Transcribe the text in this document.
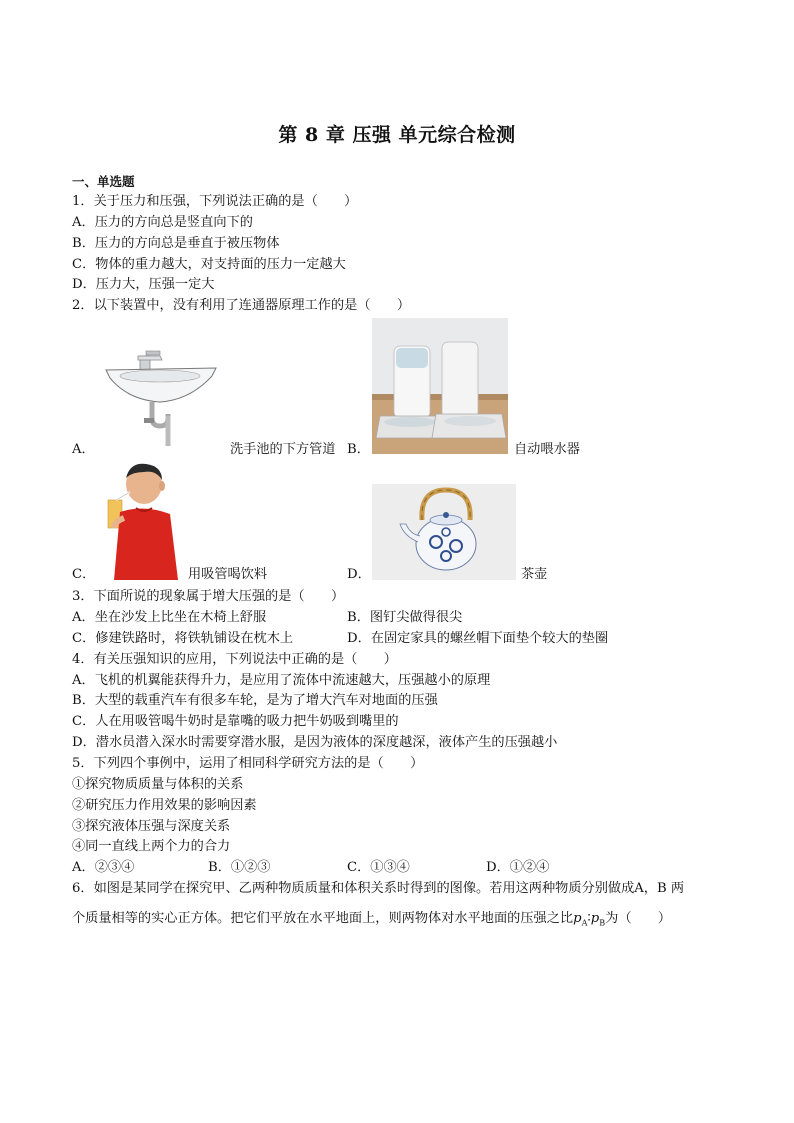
第 8 章 压强 单元综合检测
一、单选题
1．关于压力和压强，下列说法正确的是（　　）
A．压力的方向总是竖直向下的
B．压力的方向总是垂直于被压物体
C．物体的重力越大，对支持面的压力一定越大
D．压力大，压强一定大
2．以下装置中，没有利用了连通器原理工作的是（　　）
A．	洗手池的下方管道 B．	自动喂水器
C．	用吸管喝饮料	D．	茶壶
3．下面所说的现象属于增大压强的是（　　）
A．坐在沙发上比坐在木椅上舒服	B．图钉尖做得很尖
C．修建铁路时，将铁轨铺设在枕木上	D．在固定家具的螺丝帽下面垫个较大的垫圈
4．有关压强知识的应用，下列说法中正确的是（　　）
A．飞机的机翼能获得升力，是应用了流体中流速越大，压强越小的原理
B．大型的载重汽车有很多车轮，是为了增大汽车对地面的压强
C．人在用吸管喝牛奶时是靠嘴的吸力把牛奶吸到嘴里的
D．潜水员潜入深水时需要穿潜水服，是因为液体的深度越深，液体产生的压强越小
5．下列四个事例中，运用了相同科学研究方法的是（　　）
①探究物质质量与体积的关系
②研究压力作用效果的影响因素
③探究液体压强与深度关系
④同一直线上两个力的合力
A．②③④	B．①②③	C．①③④	D．①②④
6．如图是某同学在探究甲、乙两种物质质量和体积关系时得到的图像。若用这两种物质分别做成A，B 两
个质量相等的实心正方体。把它们平放在水平地面上，则两物体对水平地面的压强之比$p_A∶p_B$为（　　）
